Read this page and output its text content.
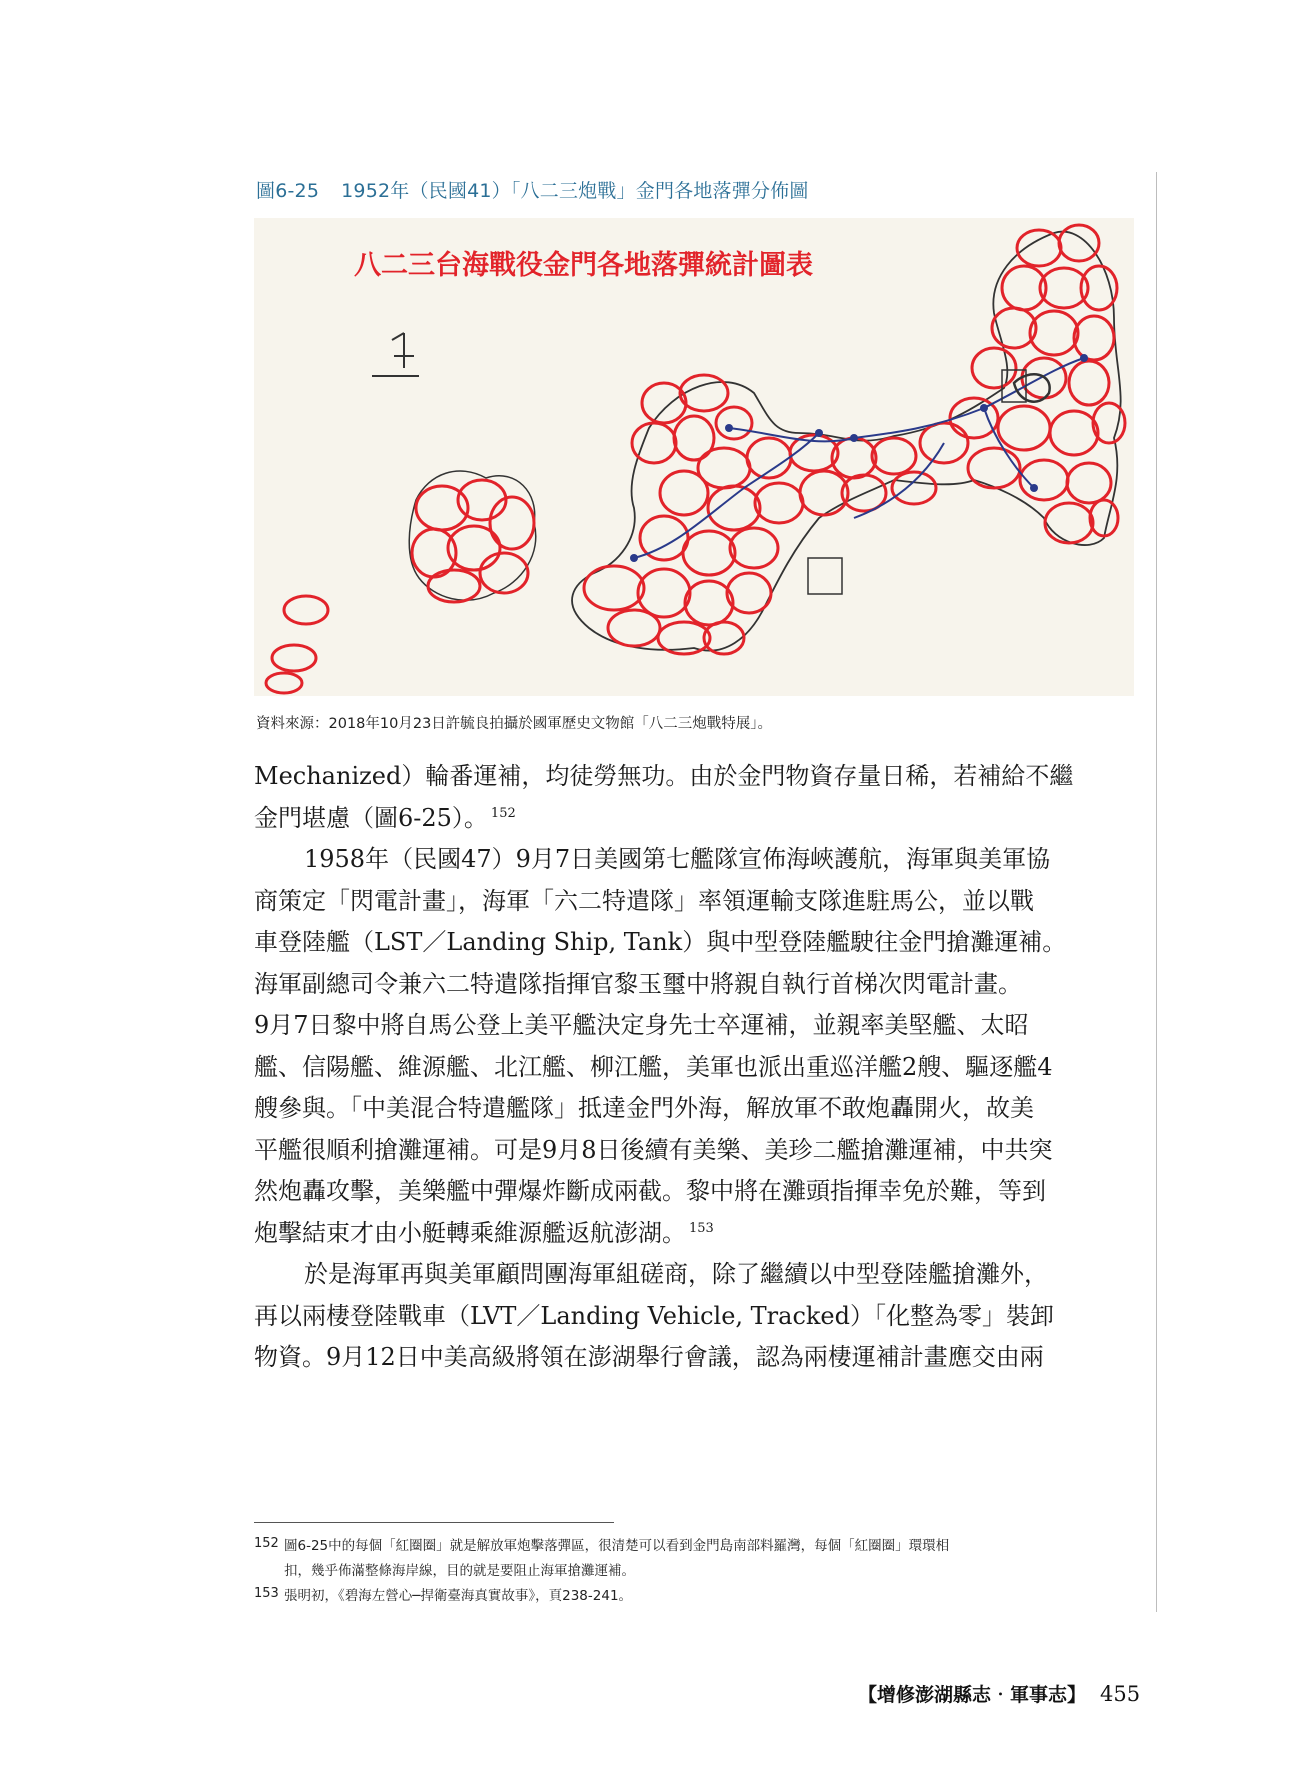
圖6-25 1952年（民國41）「八二三炮戰」金門各地落彈分佈圖
八二三台海戰役金門各地落彈統計圖表
資料來源：2018年10月23日許毓良拍攝於國軍歷史文物館「八二三炮戰特展」。

Mechanized）輪番運補，均徒勞無功。由於金門物資存量日稀，若補給不繼

金門堪慮（圖6-25）。 $^{152}$

1958年（民國47）9月7日美國第七艦隊宣佈海峽護航，海軍與美軍協

商策定「閃電計畫」，海軍「六二特遣隊」率領運輸支隊進駐馬公，並以戰

車登陸艦（LST／Landing Ship, Tank）與中型登陸艦駛往金門搶灘運補。

海軍副總司令兼六二特遣隊指揮官黎玉璽中將親自執行首梯次閃電計畫。

9月7日黎中將自馬公登上美平艦決定身先士卒運補，並親率美堅艦、太昭

艦、信陽艦、維源艦、北江艦、柳江艦，美軍也派出重巡洋艦2艘、驅逐艦4

艘參與。「中美混合特遣艦隊」抵達金門外海，解放軍不敢炮轟開火，故美

平艦很順利搶灘運補。可是9月8日後續有美樂、美珍二艦搶灘運補，中共突

然炮轟攻擊，美樂艦中彈爆炸斷成兩截。黎中將在灘頭指揮幸免於難，等到

炮擊結束才由小艇轉乘維源艦返航澎湖。 $^{153}$

於是海軍再與美軍顧問團海軍組磋商，除了繼續以中型登陸艦搶灘外，

再以兩棲登陸戰車（LVT／Landing Vehicle, Tracked）「化整為零」裝卸

物資。9月12日中美高級將領在澎湖舉行會議，認為兩棲運補計畫應交由兩

152 圖6-25中的每個「紅圈圈」就是解放軍炮擊落彈區，很清楚可以看到金門島南部料羅灣，每個「紅圈圈」環環相
扣，幾乎佈滿整條海岸線，目的就是要阻止海軍搶灘運補。
153 張明初，《碧海左營心─捍衛臺海真實故事》，頁238-241。
【增修澎湖縣志‧軍事志】 455
